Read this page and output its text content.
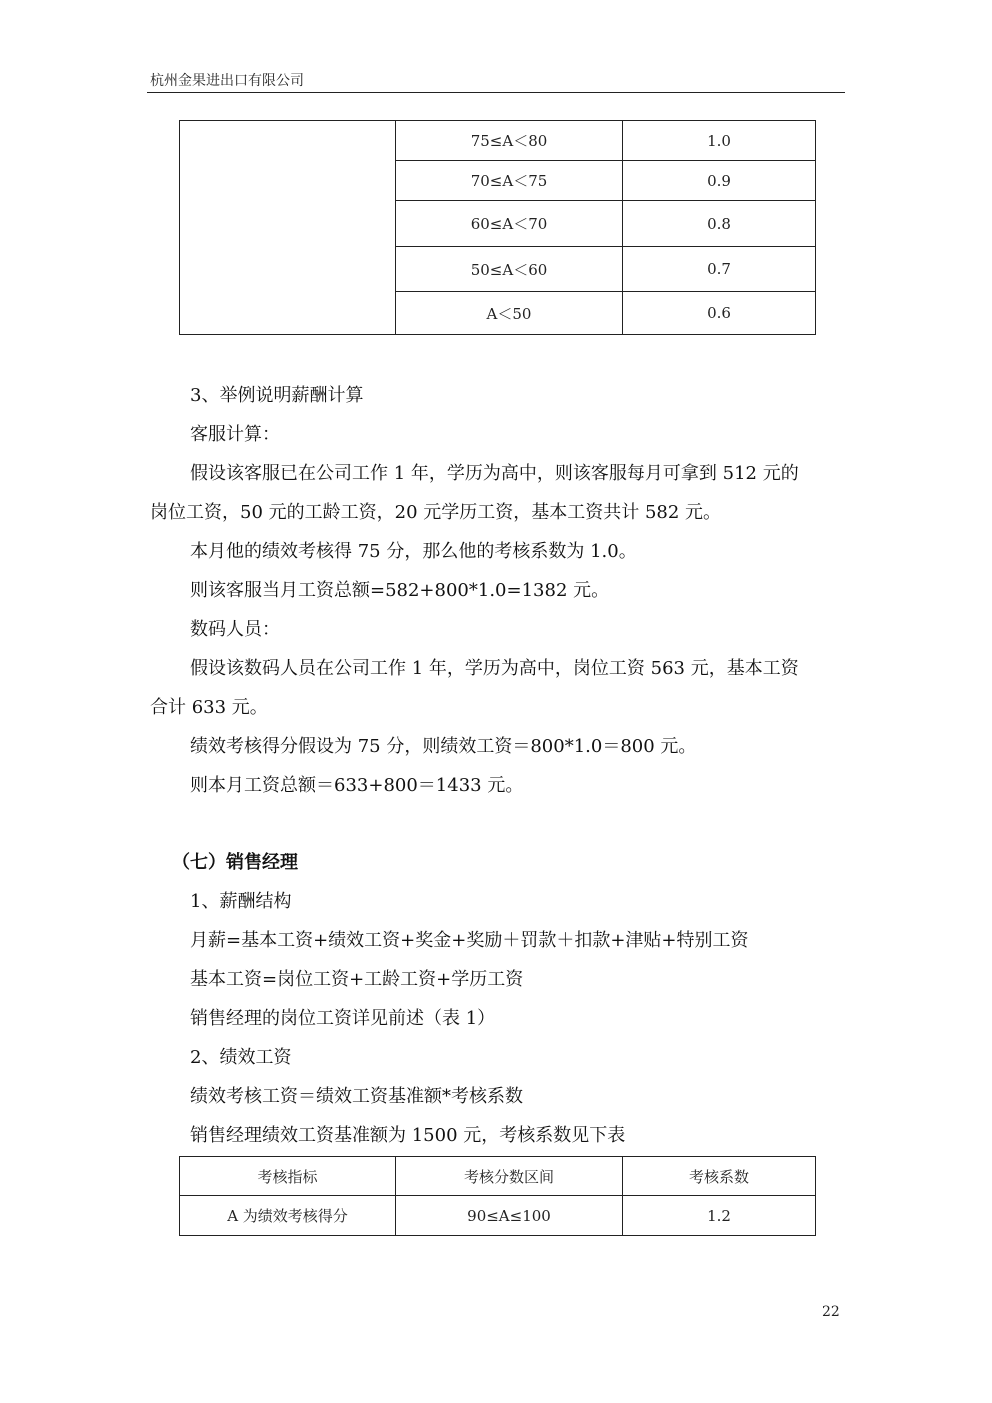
杭州金果进出口有限公司
	75≤A＜80	1.0
	70≤A＜75	0.9
	60≤A＜70	0.8
	50≤A＜60	0.7
	A＜50	0.6
3、举例说明薪酬计算
客服计算：
假设该客服已在公司工作 1 年，学历为高中，则该客服每月可拿到 512 元的
岗位工资，50 元的工龄工资，20 元学历工资，基本工资共计 582 元。
本月他的绩效考核得 75 分，那么他的考核系数为 1.0。
则该客服当月工资总额=582+800*1.0=1382 元。
数码人员：
假设该数码人员在公司工作 1 年，学历为高中，岗位工资 563 元，基本工资
合计 633 元。
绩效考核得分假设为 75 分，则绩效工资＝800*1.0＝800 元。
则本月工资总额＝633+800＝1433 元。
（七）销售经理
1、薪酬结构
月薪=基本工资+绩效工资+奖金+奖励＋罚款＋扣款+津贴+特别工资
基本工资=岗位工资+工龄工资+学历工资
销售经理的岗位工资详见前述（表 1）
2、绩效工资
绩效考核工资＝绩效工资基准额*考核系数
销售经理绩效工资基准额为 1500 元，考核系数见下表
考核指标	考核分数区间	考核系数
A 为绩效考核得分	90≤A≤100	1.2
22
